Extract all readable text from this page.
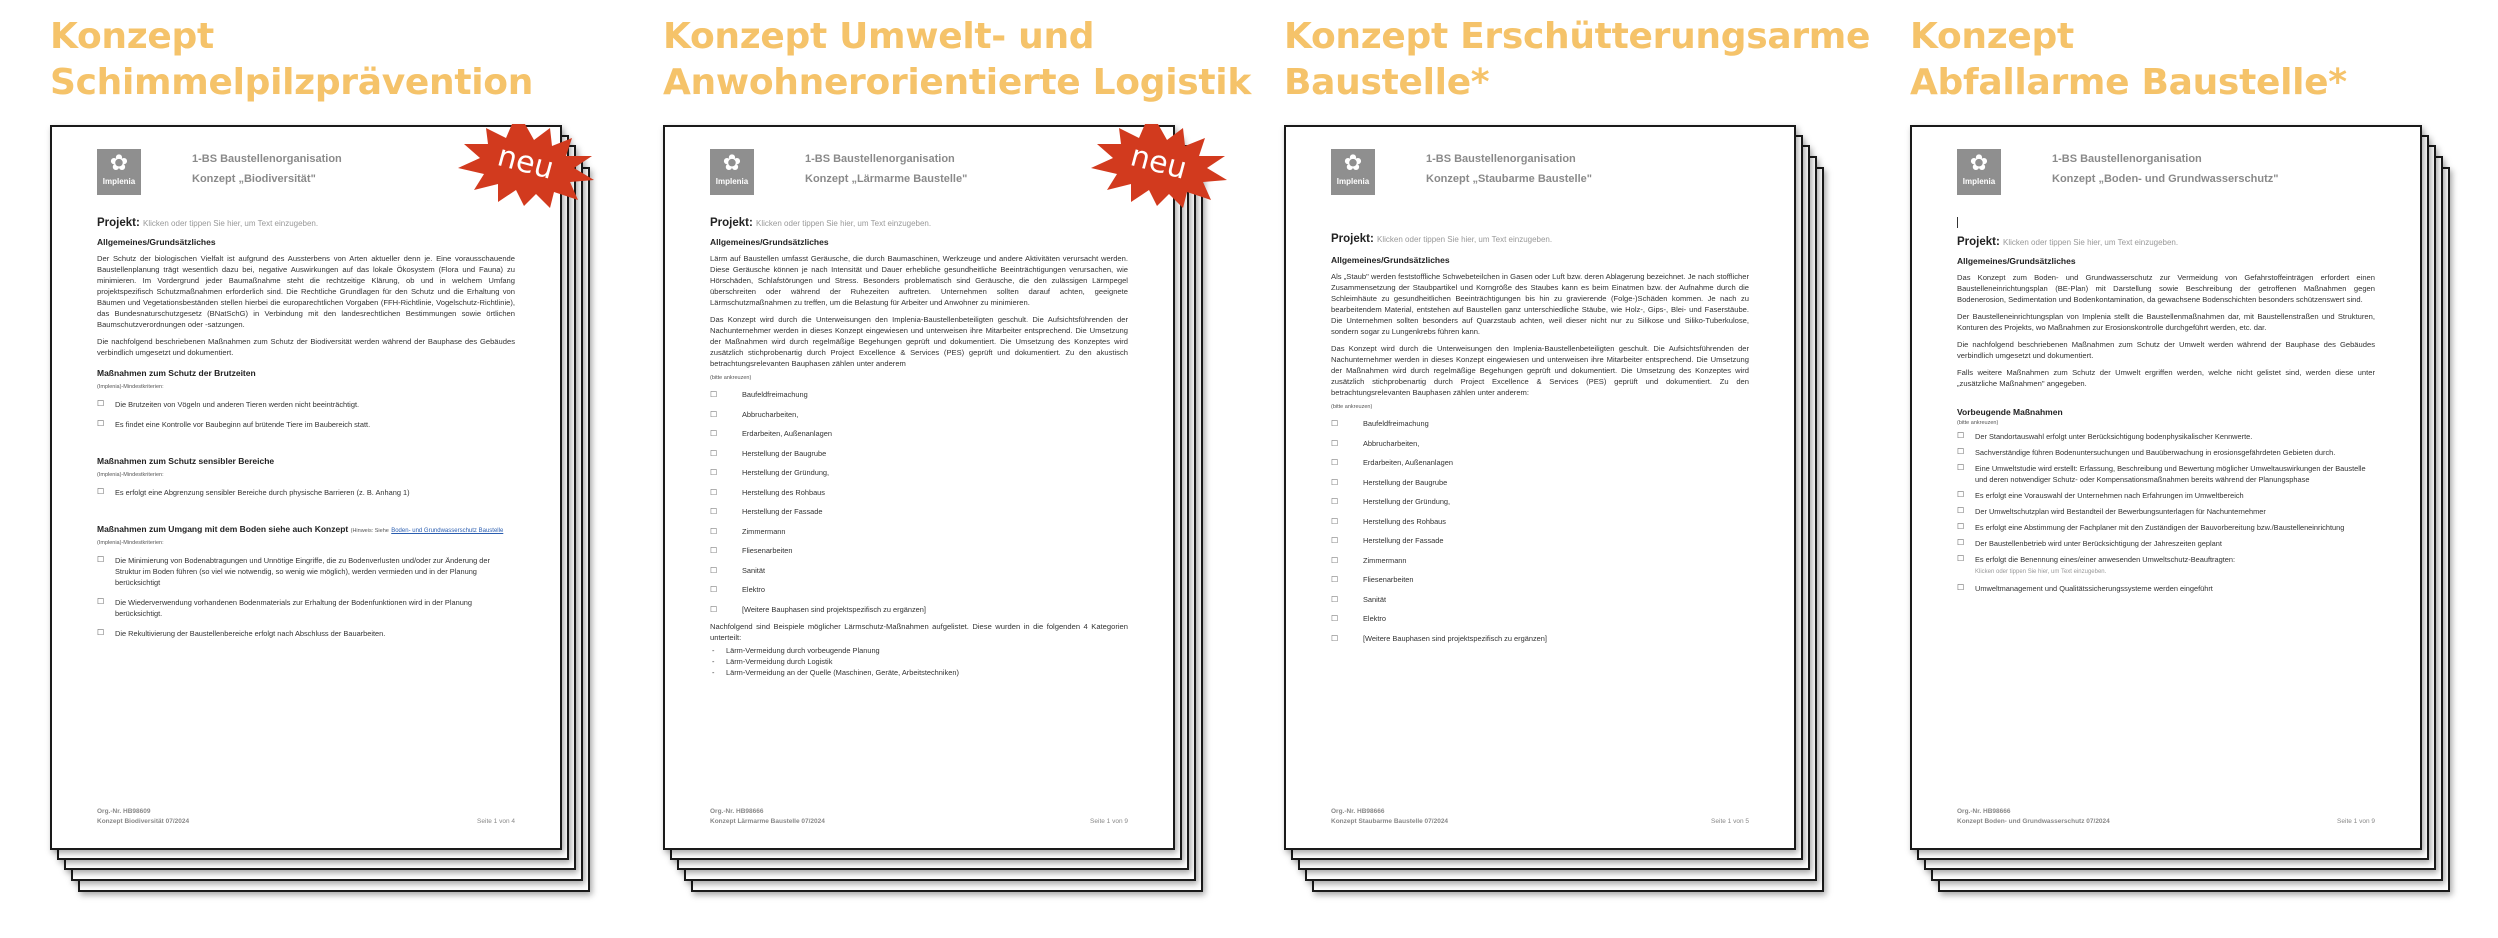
Konzept
Schimmelpilzprävention
✿
Implenia
1-BS Baustellenorganisation
Konzept „Biodiversität"
Projekt: Klicken oder tippen Sie hier, um Text einzugeben.
Allgemeines/Grundsätzliches
Der Schutz der biologischen Vielfalt ist aufgrund des Aussterbens von Arten aktueller denn je. Eine vorausschauende Baustellenplanung trägt wesentlich dazu bei, negative Auswirkungen auf das lokale Ökosystem (Flora und Fauna) zu minimieren. Im Vordergrund jeder Baumaßnahme steht die rechtzeitige Klärung, ob und in welchem Umfang projektspezifisch Schutzmaßnahmen erforderlich sind. Die Rechtliche Grundlagen für den Schutz und die Erhaltung von Bäumen und Vegetationsbeständen stellen hierbei die europarechtlichen Vorgaben (FFH-Richtlinie, Vogelschutz-Richtlinie), das Bundesnaturschutzgesetz (BNatSchG) in Verbindung mit den landesrechtlichen Bestimmungen sowie örtlichen Baumschutzverordnungen oder -satzungen.
Die nachfolgend beschriebenen Maßnahmen zum Schutz der Biodiversität werden während der Bauphase des Gebäudes verbindlich umgesetzt und dokumentiert.
Maßnahmen zum Schutz der Brutzeiten
(Implenia)-Mindestkriterien:
☐ Die Brutzeiten von Vögeln und anderen Tieren werden nicht beeinträchtigt.
☐ Es findet eine Kontrolle vor Baubeginn auf brütende Tiere im Baubereich statt.
Maßnahmen zum Schutz sensibler Bereiche
(Implenia)-Mindestkriterien:
☐ Es erfolgt eine Abgrenzung sensibler Bereiche durch physische Barrieren (z. B. Anhang 1)
Maßnahmen zum Umgang mit dem Boden siehe auch Konzept (Hinweis: Siehe Boden- und Grundwasserschutz Baustelle
(Implenia)-Mindestkriterien:
☐ Die Minimierung von Bodenabtragungen und Unnötige Eingriffe, die zu Bodenverlusten und/oder zur Änderung der Struktur im Boden führen (so viel wie notwendig, so wenig wie möglich), werden vermieden und in der Planung berücksichtigt
☐ Die Wiederverwendung vorhandenen Bodenmaterials zur Erhaltung der Bodenfunktionen wird in der Planung berücksichtigt.
☐ Die Rekultivierung der Baustellenbereiche erfolgt nach Abschluss der Bauarbeiten.
Org.-Nr. HB98609
Konzept Biodiversität 07/2024	Seite 1 von 4
neu
Konzept Umwelt- und
Anwohnerorientierte Logistik
✿
Implenia
1-BS Baustellenorganisation
Konzept „Lärmarme Baustelle"
Projekt: Klicken oder tippen Sie hier, um Text einzugeben.
Allgemeines/Grundsätzliches
Lärm auf Baustellen umfasst Geräusche, die durch Baumaschinen, Werkzeuge und andere Aktivitäten verursacht werden. Diese Geräusche können je nach Intensität und Dauer erhebliche gesundheitliche Beeinträchtigungen verursachen, wie Hörschäden, Schlafstörungen und Stress. Besonders problematisch sind Geräusche, die den zulässigen Lärmpegel überschreiten oder während der Ruhezeiten auftreten. Unternehmen sollten darauf achten, geeignete Lärmschutzmaßnahmen zu treffen, um die Belastung für Arbeiter und Anwohner zu minimieren.
Das Konzept wird durch die Unterweisungen den Implenia-Baustellenbeteiligten geschult. Die Aufsichtsführenden der Nachunternehmer werden in dieses Konzept eingewiesen und unterweisen ihre Mitarbeiter entsprechend. Die Umsetzung der Maßnahmen wird durch regelmäßige Begehungen geprüft und dokumentiert. Die Umsetzung des Konzeptes wird zusätzlich stichprobenartig durch Project Excellence & Services (PES) geprüft und dokumentiert. Zu den akustisch betrachtungsrelevanten Bauphasen zählen unter anderem
(bitte ankreuzen)
☐ Baufeldfreimachung
☐ Abbrucharbeiten,
☐ Erdarbeiten, Außenanlagen
☐ Herstellung der Baugrube
☐ Herstellung der Gründung,
☐ Herstellung des Rohbaus
☐ Herstellung der Fassade
☐ Zimmermann
☐ Fliesenarbeiten
☐ Sanität
☐ Elektro
☐ [Weitere Bauphasen sind projektspezifisch zu ergänzen]
Nachfolgend sind Beispiele möglicher Lärmschutz-Maßnahmen aufgelistet. Diese wurden in die folgenden 4 Kategorien unterteilt:
- Lärm-Vermeidung durch vorbeugende Planung
- Lärm-Vermeidung durch Logistik
- Lärm-Vermeidung an der Quelle (Maschinen, Geräte, Arbeitstechniken)
Org.-Nr. HB98666
Konzept Lärmarme Baustelle 07/2024	Seite 1 von 9
neu
Konzept Erschütterungsarme
Baustelle*
✿
Implenia
1-BS Baustellenorganisation
Konzept „Staubarme Baustelle"
Projekt: Klicken oder tippen Sie hier, um Text einzugeben.
Allgemeines/Grundsätzliches
Als „Staub" werden feststoffliche Schwebeteilchen in Gasen oder Luft bzw. deren Ablagerung bezeichnet. Je nach stofflicher Zusammensetzung der Staubpartikel und Korngröße des Staubes kann es beim Einatmen bzw. der Aufnahme durch die Schleimhäute zu gesundheitlichen Beeinträchtigungen bis hin zu gravierende (Folge-)Schäden kommen. Je nach zu bearbeitendem Material, entstehen auf Baustellen ganz unterschiedliche Stäube, wie Holz-, Gips-, Blei- und Faserstäube. Die Unternehmen sollten besonders auf Quarzstaub achten, weil dieser nicht nur zu Silikose und Siliko-Tuberkulose, sondern sogar zu Lungenkrebs führen kann.
Das Konzept wird durch die Unterweisungen den Implenia-Baustellenbeteiligten geschult. Die Aufsichtsführenden der Nachunternehmer werden in dieses Konzept eingewiesen und unterweisen ihre Mitarbeiter entsprechend. Die Umsetzung der Maßnahmen wird durch regelmäßige Begehungen geprüft und dokumentiert. Die Umsetzung des Konzeptes wird zusätzlich stichprobenartig durch Project Excellence & Services (PES) geprüft und dokumentiert. Zu den betrachtungsrelevanten Bauphasen zählen unter anderem:
(bitte ankreuzen)
☐ Baufeldfreimachung
☐ Abbrucharbeiten,
☐ Erdarbeiten, Außenanlagen
☐ Herstellung der Baugrube
☐ Herstellung der Gründung,
☐ Herstellung des Rohbaus
☐ Herstellung der Fassade
☐ Zimmermann
☐ Fliesenarbeiten
☐ Sanität
☐ Elektro
☐ [Weitere Bauphasen sind projektspezifisch zu ergänzen]
Org.-Nr. HB98666
Konzept Staubarme Baustelle 07/2024	Seite 1 von 5
Konzept
Abfallarme Baustelle*
✿
Implenia
1-BS Baustellenorganisation
Konzept „Boden- und Grundwasserschutz"
Projekt: Klicken oder tippen Sie hier, um Text einzugeben.
Allgemeines/Grundsätzliches
Das Konzept zum Boden- und Grundwasserschutz zur Vermeidung von Gefahrstoffeinträgen erfordert einen Baustelleneinrichtungsplan (BE-Plan) mit Darstellung sowie Beschreibung der getroffenen Maßnahmen gegen Bodenerosion, Sedimentation und Bodenkontamination, da gewachsene Bodenschichten besonders schützenswert sind.
Der Baustelleneinrichtungsplan von Implenia stellt die Baustellenmaßnahmen dar, mit Baustellenstraßen und Strukturen, Konturen des Projekts, wo Maßnahmen zur Erosionskontrolle durchgeführt werden, etc. dar.
Die nachfolgend beschriebenen Maßnahmen zum Schutz der Umwelt werden während der Bauphase des Gebäudes verbindlich umgesetzt und dokumentiert.
Falls weitere Maßnahmen zum Schutz der Umwelt ergriffen werden, welche nicht gelistet sind, werden diese unter „zusätzliche Maßnahmen" angegeben.
Vorbeugende Maßnahmen
(bitte ankreuzen)
☐ Der Standortauswahl erfolgt unter Berücksichtigung bodenphysikalischer Kennwerte.
☐ Sachverständige führen Bodenuntersuchungen und Bauüberwachung in erosionsgefährdeten Gebieten durch.
☐ Eine Umweltstudie wird erstellt: Erfassung, Beschreibung und Bewertung möglicher Umweltauswirkungen der Baustelle und deren notwendiger Schutz- oder Kompensationsmaßnahmen bereits während der Planungsphase
☐ Es erfolgt eine Vorauswahl der Unternehmen nach Erfahrungen im Umweltbereich
☐ Der Umweltschutzplan wird Bestandteil der Bewerbungsunterlagen für Nachunternehmer
☐ Es erfolgt eine Abstimmung der Fachplaner mit den Zuständigen der Bauvorbereitung bzw./Baustelleneinrichtung
☐ Der Baustellenbetrieb wird unter Berücksichtigung der Jahreszeiten geplant
☐ Es erfolgt die Benennung eines/einer anwesenden Umweltschutz-Beauftragten:
Klicken oder tippen Sie hier, um Text einzugeben.
☐ Umweltmanagement und Qualitätssicherungssysteme werden eingeführt
Org.-Nr. HB98666
Konzept Boden- und Grundwasserschutz 07/2024	Seite 1 von 9
